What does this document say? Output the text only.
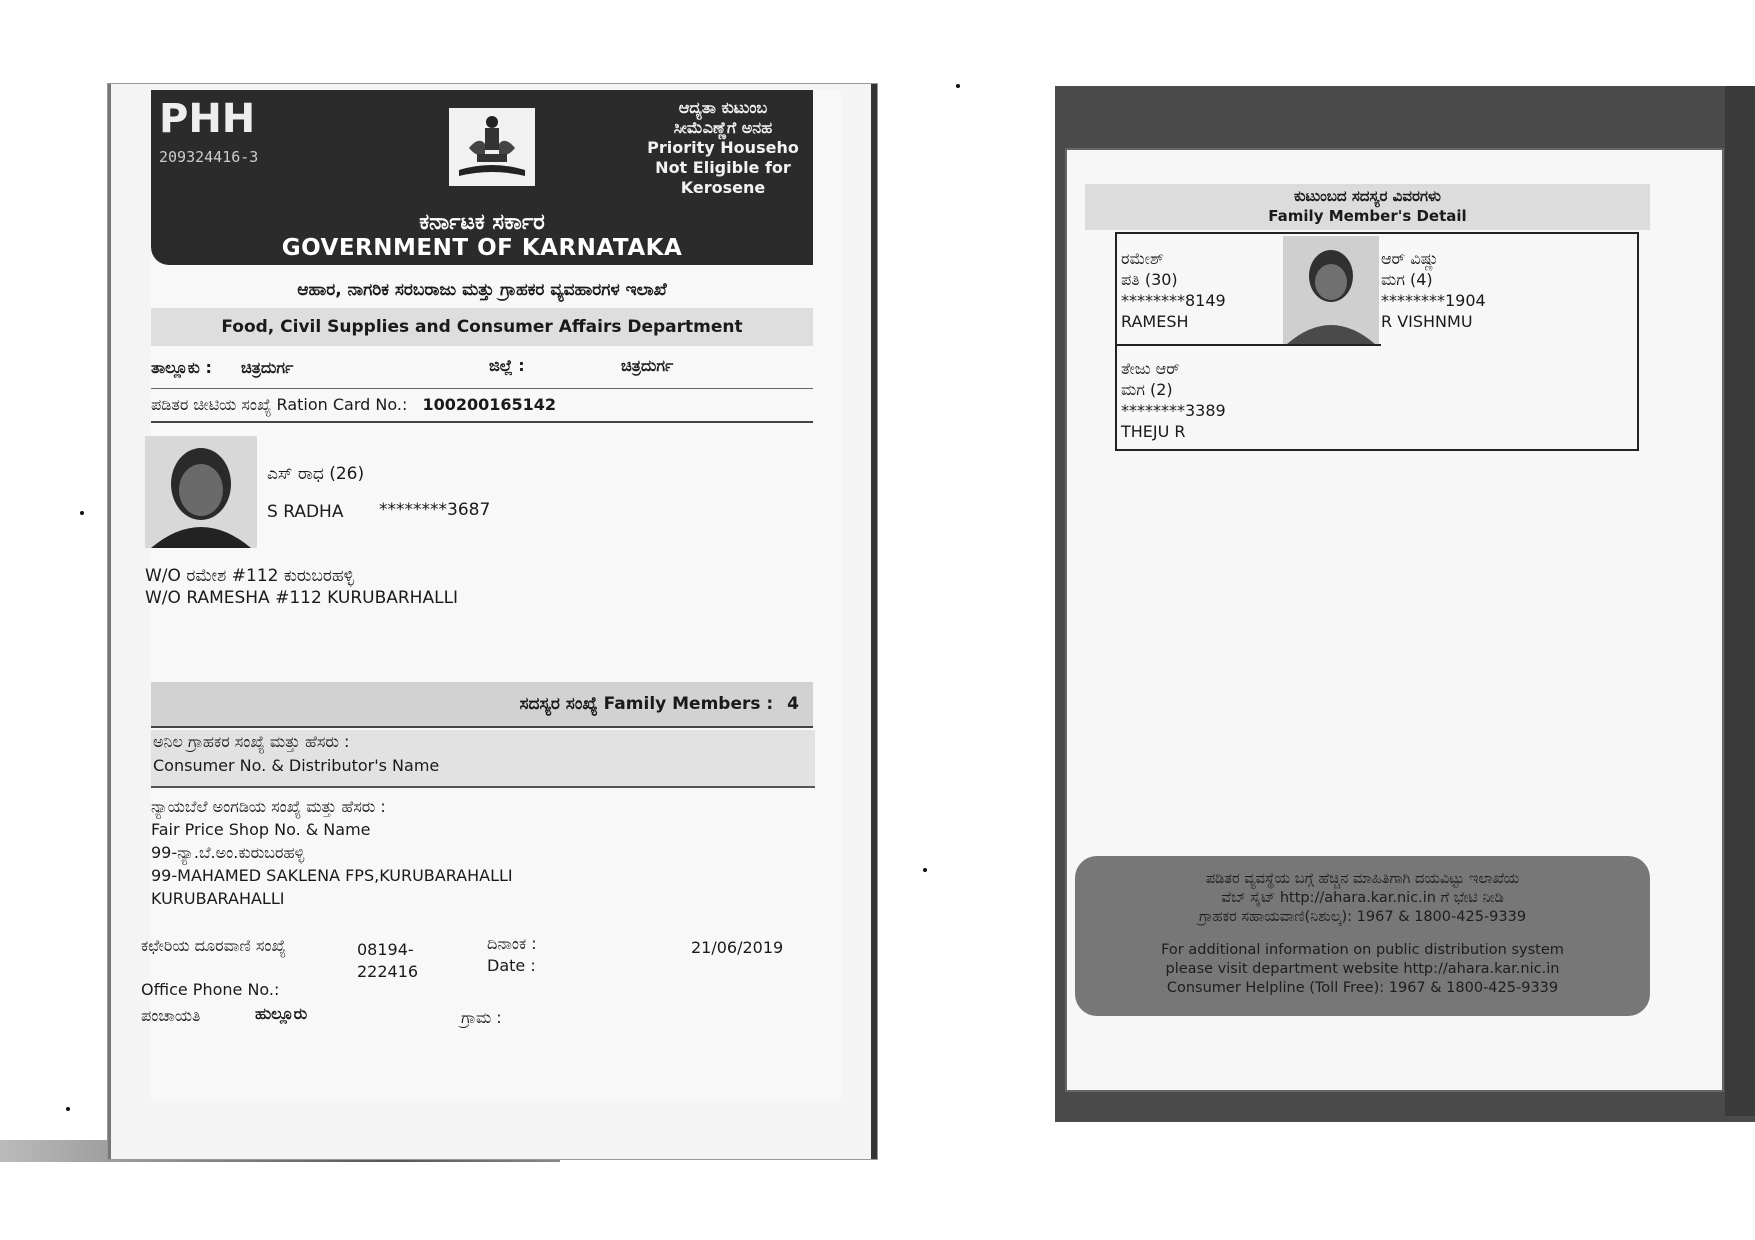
PHH
209324416-3
ಆದ್ಯತಾ ಕುಟುಂಬ
ಸೀಮೆಎಣ್ಣೆಗೆ ಅನಹ
Priority Househo
Not Eligible for
Kerosene
ಕರ್ನಾಟಕ ಸರ್ಕಾರ
GOVERNMENT OF KARNATAKA
ಆಹಾರ, ನಾಗರಿಕ ಸರಬರಾಜು ಮತ್ತು ಗ್ರಾಹಕರ ವ್ಯವಹಾರಗಳ ಇಲಾಖೆ
Food, Civil Supplies and Consumer Affairs Department
ತಾಲ್ಲೂಕು : ಚಿತ್ರದುರ್ಗ	ಜಿಲ್ಲೆ :	ಚಿತ್ರದುರ್ಗ
ಪಡಿತರ ಚೀಟಿಯ ಸಂಖ್ಯೆ Ration Card No.: 100200165142
ಎಸ್ ರಾಧ (26)
S RADHA ********3687
W/O ರಮೇಶ #112 ಕುರುಬರಹಳ್ಳಿ
W/O RAMESHA #112 KURUBARHALLI
ಸದಸ್ಯರ ಸಂಖ್ಯೆ Family Members : 4
ಅನಿಲ ಗ್ರಾಹಕರ ಸಂಖ್ಯೆ ಮತ್ತು ಹೆಸರು :
Consumer No. & Distributor's Name
ನ್ಯಾಯಬೆಲೆ ಅಂಗಡಿಯ ಸಂಖ್ಯೆ ಮತ್ತು ಹೆಸರು :
Fair Price Shop No. & Name
99-ನ್ಯಾ.ಬೆ.ಅಂ.ಕುರುಬರಹಳ್ಳಿ
99-MAHAMED SAKLENA FPS,KURUBARAHALLI
KURUBARAHALLI
ಕಛೇರಿಯ ದೂರವಾಣಿ ಸಂಖ್ಯೆ	08194-
222416
Office Phone No.:
ದಿನಾಂಕ :
Date :
21/06/2019
ಪಂಚಾಯತಿ	ಹುಲ್ಲೂರು	ಗ್ರಾಮ :
ಕುಟುಂಬದ ಸದಸ್ಯರ ವಿವರಗಳು
Family Member's Detail
ರಮೇಶ್
ಪತಿ (30)
********8149
RAMESH
ಆರ್ ವಿಷ್ಣು
ಮಗ (4)
********1904
R VISHNMU
ತೇಜು ಆರ್
ಮಗ (2)
********3389
THEJU R

ಪಡಿತರ ವ್ಯವಸ್ಥೆಯ ಬಗ್ಗೆ ಹೆಚ್ಚಿನ ಮಾಹಿತಿಗಾಗಿ ದಯವಿಟ್ಟು ಇಲಾಖೆಯ

ವೆಬ್ ಸೈಟ್ http://ahara.kar.nic.in ಗೆ ಭೇಟಿ ನೀಡಿ

ಗ್ರಾಹಕರ ಸಹಾಯವಾಣಿ(ನಿಶುಲ್ಕ): 1967 & 1800-425-9339

For additional information on public distribution system

please visit department website http://ahara.kar.nic.in

Consumer Helpline (Toll Free): 1967 & 1800-425-9339
